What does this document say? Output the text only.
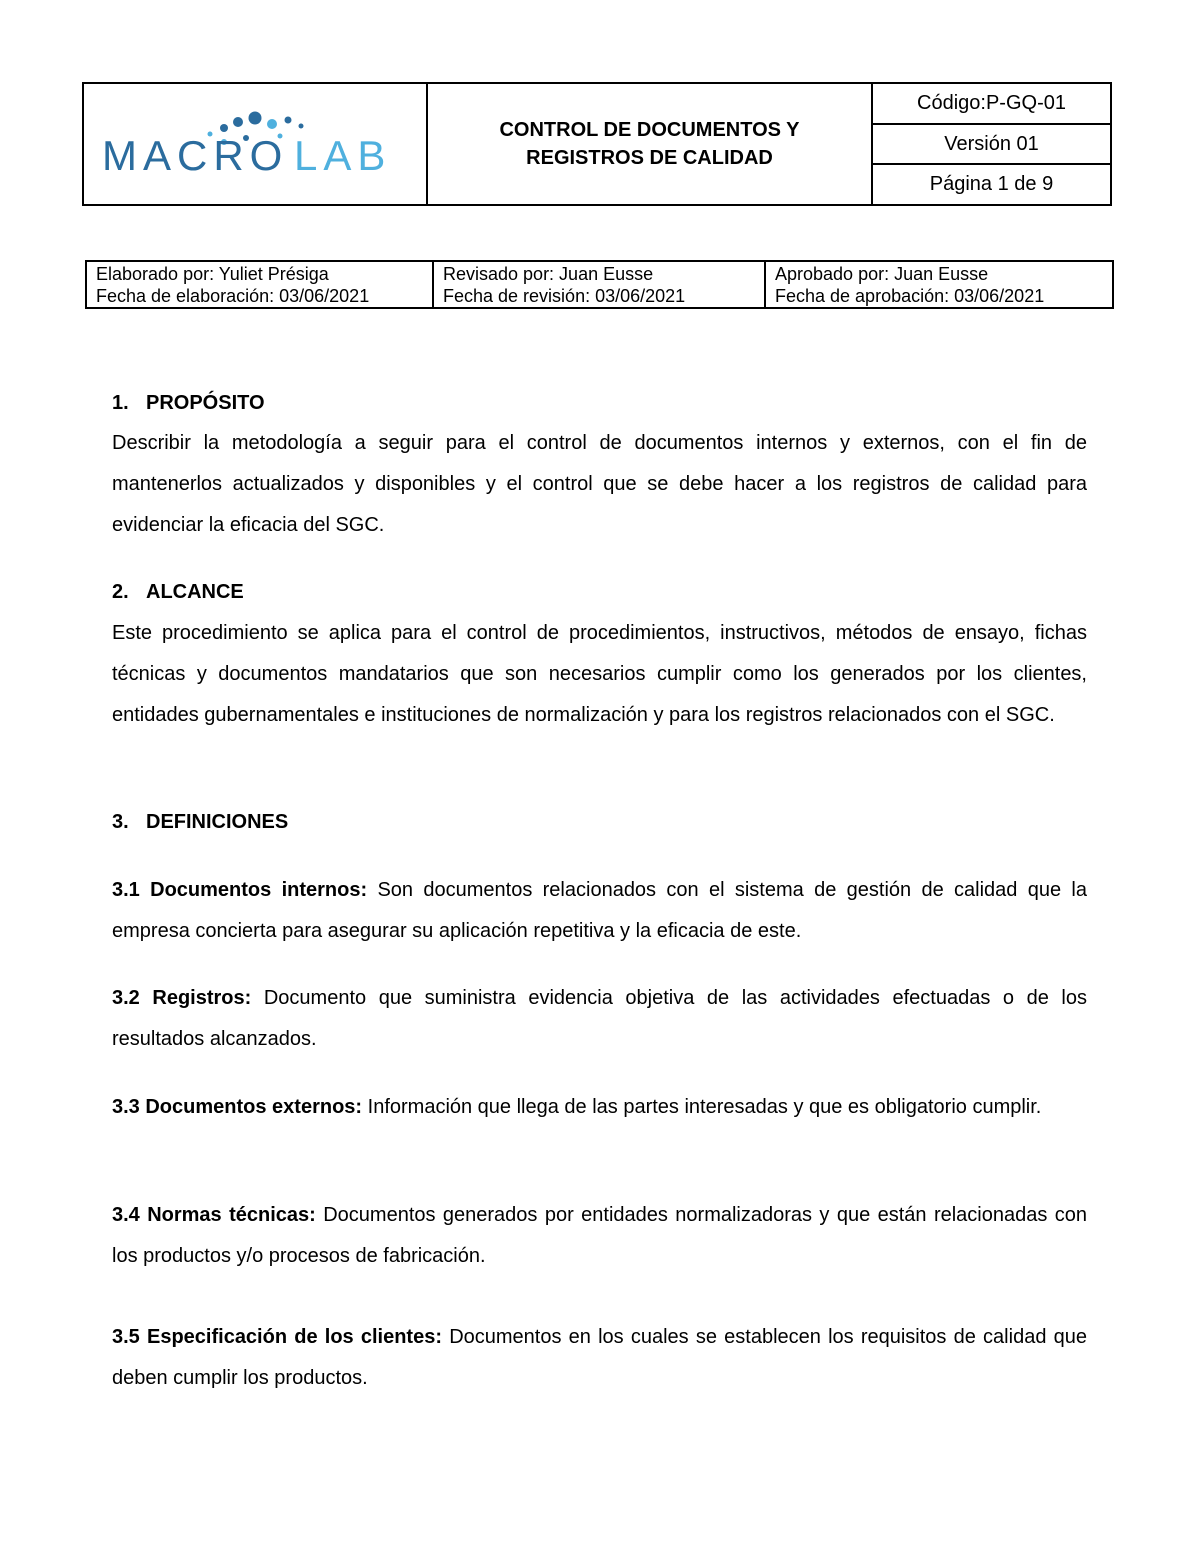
MACRO LAB
CONTROL DE DOCUMENTOS Y
REGISTROS DE CALIDAD
Código:P-GQ-01
Versión 01
Página 1 de 9
Elaborado por: Yuliet Présiga
Fecha de elaboración: 03/06/2021
Revisado por: Juan Eusse
Fecha de revisión: 03/06/2021
Aprobado por: Juan Eusse
Fecha de aprobación: 03/06/2021
1. PROPÓSITO
Describir la metodología a seguir para el control de documentos internos y externos, con el fin de mantenerlos actualizados y disponibles y el control que se debe hacer a los registros de calidad para evidenciar la eficacia del SGC.
2. ALCANCE
Este procedimiento se aplica para el control de procedimientos, instructivos, métodos de ensayo, fichas técnicas y documentos mandatarios que son necesarios cumplir como los generados por los clientes, entidades gubernamentales e instituciones de normalización y para los registros relacionados con el SGC.
3. DEFINICIONES
3.1 Documentos internos: Son documentos relacionados con el sistema de gestión de calidad que la empresa concierta para asegurar su aplicación repetitiva y la eficacia de este.
3.2 Registros: Documento que suministra evidencia objetiva de las actividades efectuadas o de los resultados alcanzados.
3.3 Documentos externos: Información que llega de las partes interesadas y que es obligatorio cumplir.
3.4 Normas técnicas: Documentos generados por entidades normalizadoras y que están relacionadas con los productos y/o procesos de fabricación.
3.5 Especificación de los clientes: Documentos en los cuales se establecen los requisitos de calidad que deben cumplir los productos.
